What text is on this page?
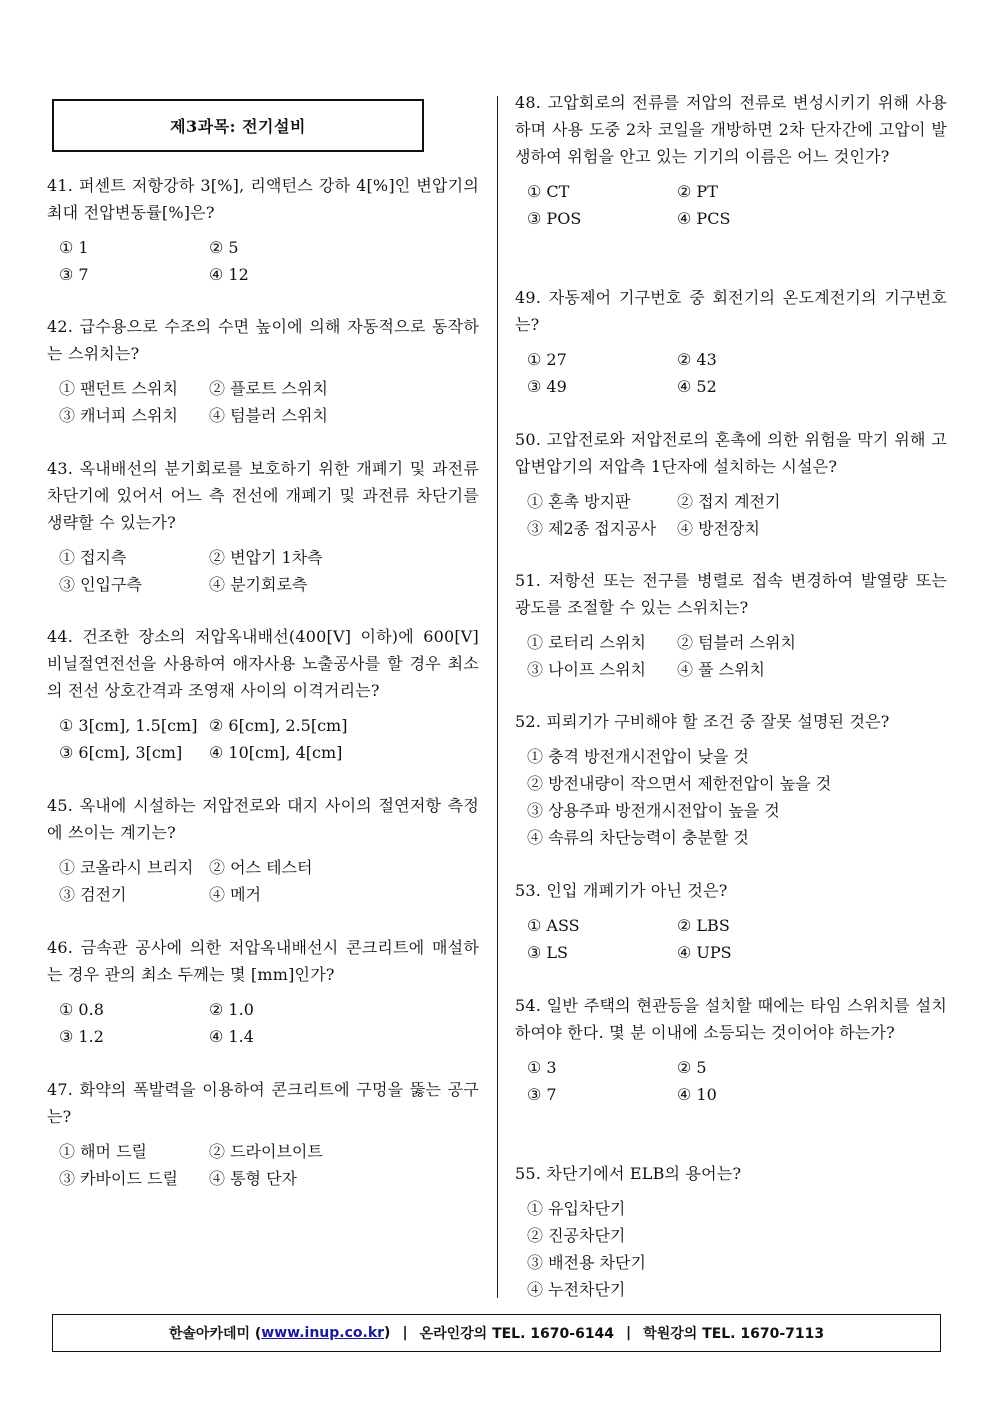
제3과목: 전기설비

41. 퍼센트 저항강하 3[%], 리액턴스 강하 4[%]인 변압기의 최대 전압변동률[%]은?

① 1	② 5
③ 7	④ 12

42. 급수용으로 수조의 수면 높이에 의해 자동적으로 동작하는 스위치는?

① 팬던트 스위치	② 플로트 스위치
③ 캐너피 스위치	④ 텀블러 스위치

43. 옥내배선의 분기회로를 보호하기 위한 개폐기 및 과전류 차단기에 있어서 어느 측 전선에 개폐기 및 과전류 차단기를 생략할 수 있는가?

① 접지측	② 변압기 1차측
③ 인입구측	④ 분기회로측

44. 건조한 장소의 저압옥내배선(400[V] 이하)에 600[V] 비닐절연전선을 사용하여 애자사용 노출공사를 할 경우 최소의 전선 상호간격과 조영재 사이의 이격거리는?

① 3[cm], 1.5[cm] ② 6[cm], 2.5[cm]
③ 6[cm], 3[cm]	④ 10[cm], 4[cm]

45. 옥내에 시설하는 저압전로와 대지 사이의 절연저항 측정에 쓰이는 계기는?

① 코올라시 브리지 ② 어스 테스터
③ 검전기	④ 메거

46. 금속관 공사에 의한 저압옥내배선시 콘크리트에 매설하는 경우 관의 최소 두께는 몇 [mm]인가?

① 0.8	② 1.0
③ 1.2	④ 1.4

47. 화약의 폭발력을 이용하여 콘크리트에 구멍을 뚫는 공구는?

① 해머 드릴	② 드라이브이트
③ 카바이드 드릴	④ 통형 단자

48. 고압회로의 전류를 저압의 전류로 변성시키기 위해 사용하며 사용 도중 2차 코일을 개방하면 2차 단자간에 고압이 발생하여 위험을 안고 있는 기기의 이름은 어느 것인가?

① CT	② PT
③ POS	④ PCS

49. 자동제어 기구번호 중 회전기의 온도계전기의 기구번호는?

① 27	② 43
③ 49	④ 52

50. 고압전로와 저압전로의 혼촉에 의한 위험을 막기 위해 고압변압기의 저압측 1단자에 설치하는 시설은?

① 혼촉 방지판	② 접지 계전기
③ 제2종 접지공사	④ 방전장치

51. 저항선 또는 전구를 병렬로 접속 변경하여 발열량 또는 광도를 조절할 수 있는 스위치는?

① 로터리 스위치	② 텀블러 스위치
③ 나이프 스위치	④ 풀 스위치

52. 피뢰기가 구비해야 할 조건 중 잘못 설명된 것은?

① 충격 방전개시전압이 낮을 것
② 방전내량이 작으면서 제한전압이 높을 것
③ 상용주파 방전개시전압이 높을 것
④ 속류의 차단능력이 충분할 것

53. 인입 개폐기가 아닌 것은?

① ASS	② LBS
③ LS	④ UPS

54. 일반 주택의 현관등을 설치할 때에는 타임 스위치를 설치하여야 한다. 몇 분 이내에 소등되는 것이어야 하는가?

① 3	② 5
③ 7	④ 10

55. 차단기에서 ELB의 용어는?

① 유입차단기
② 진공차단기
③ 배전용 차단기
④ 누전차단기
한솔아카데미 ( www.inup.co.kr ) | 온라인강의 TEL. 1670-6144 | 학원강의 TEL. 1670-7113
